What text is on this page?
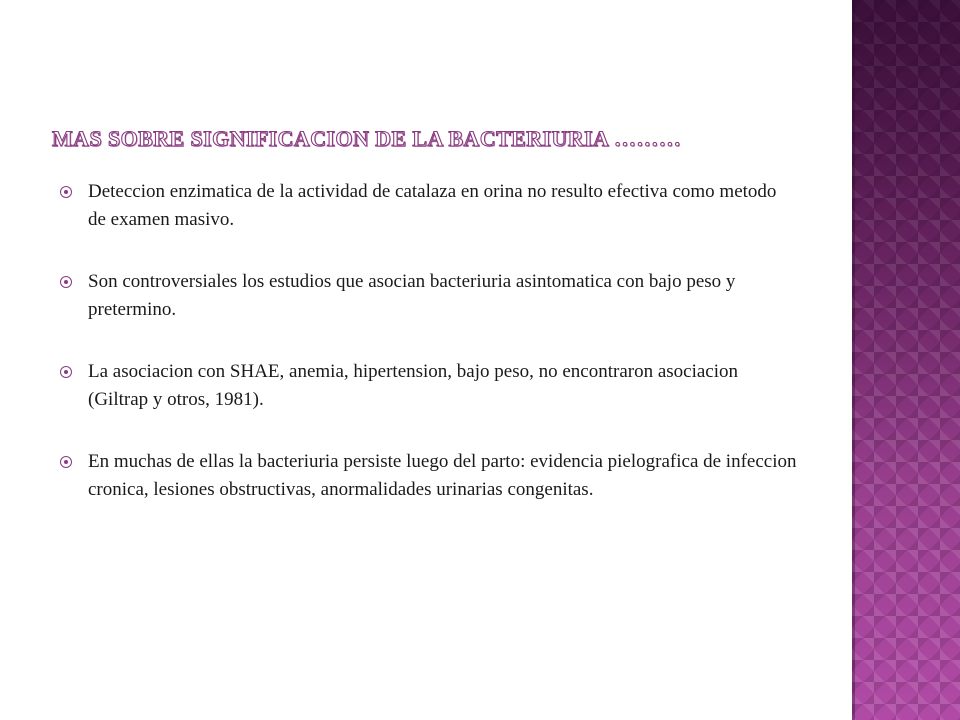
MAS SOBRE SIGNIFICACION DE LA BACTERIURIA ………
Deteccion enzimatica de la actividad de catalaza en orina no resulto efectiva como metodo de examen masivo.
Son controversiales los estudios que asocian bacteriuria asintomatica con bajo peso y pretermino.
La asociacion con SHAE, anemia, hipertension, bajo peso, no encontraron asociacion (Giltrap y otros, 1981).
En muchas de ellas la bacteriuria persiste luego del parto: evidencia pielografica de infeccion cronica, lesiones obstructivas, anormalidades urinarias congenitas.
